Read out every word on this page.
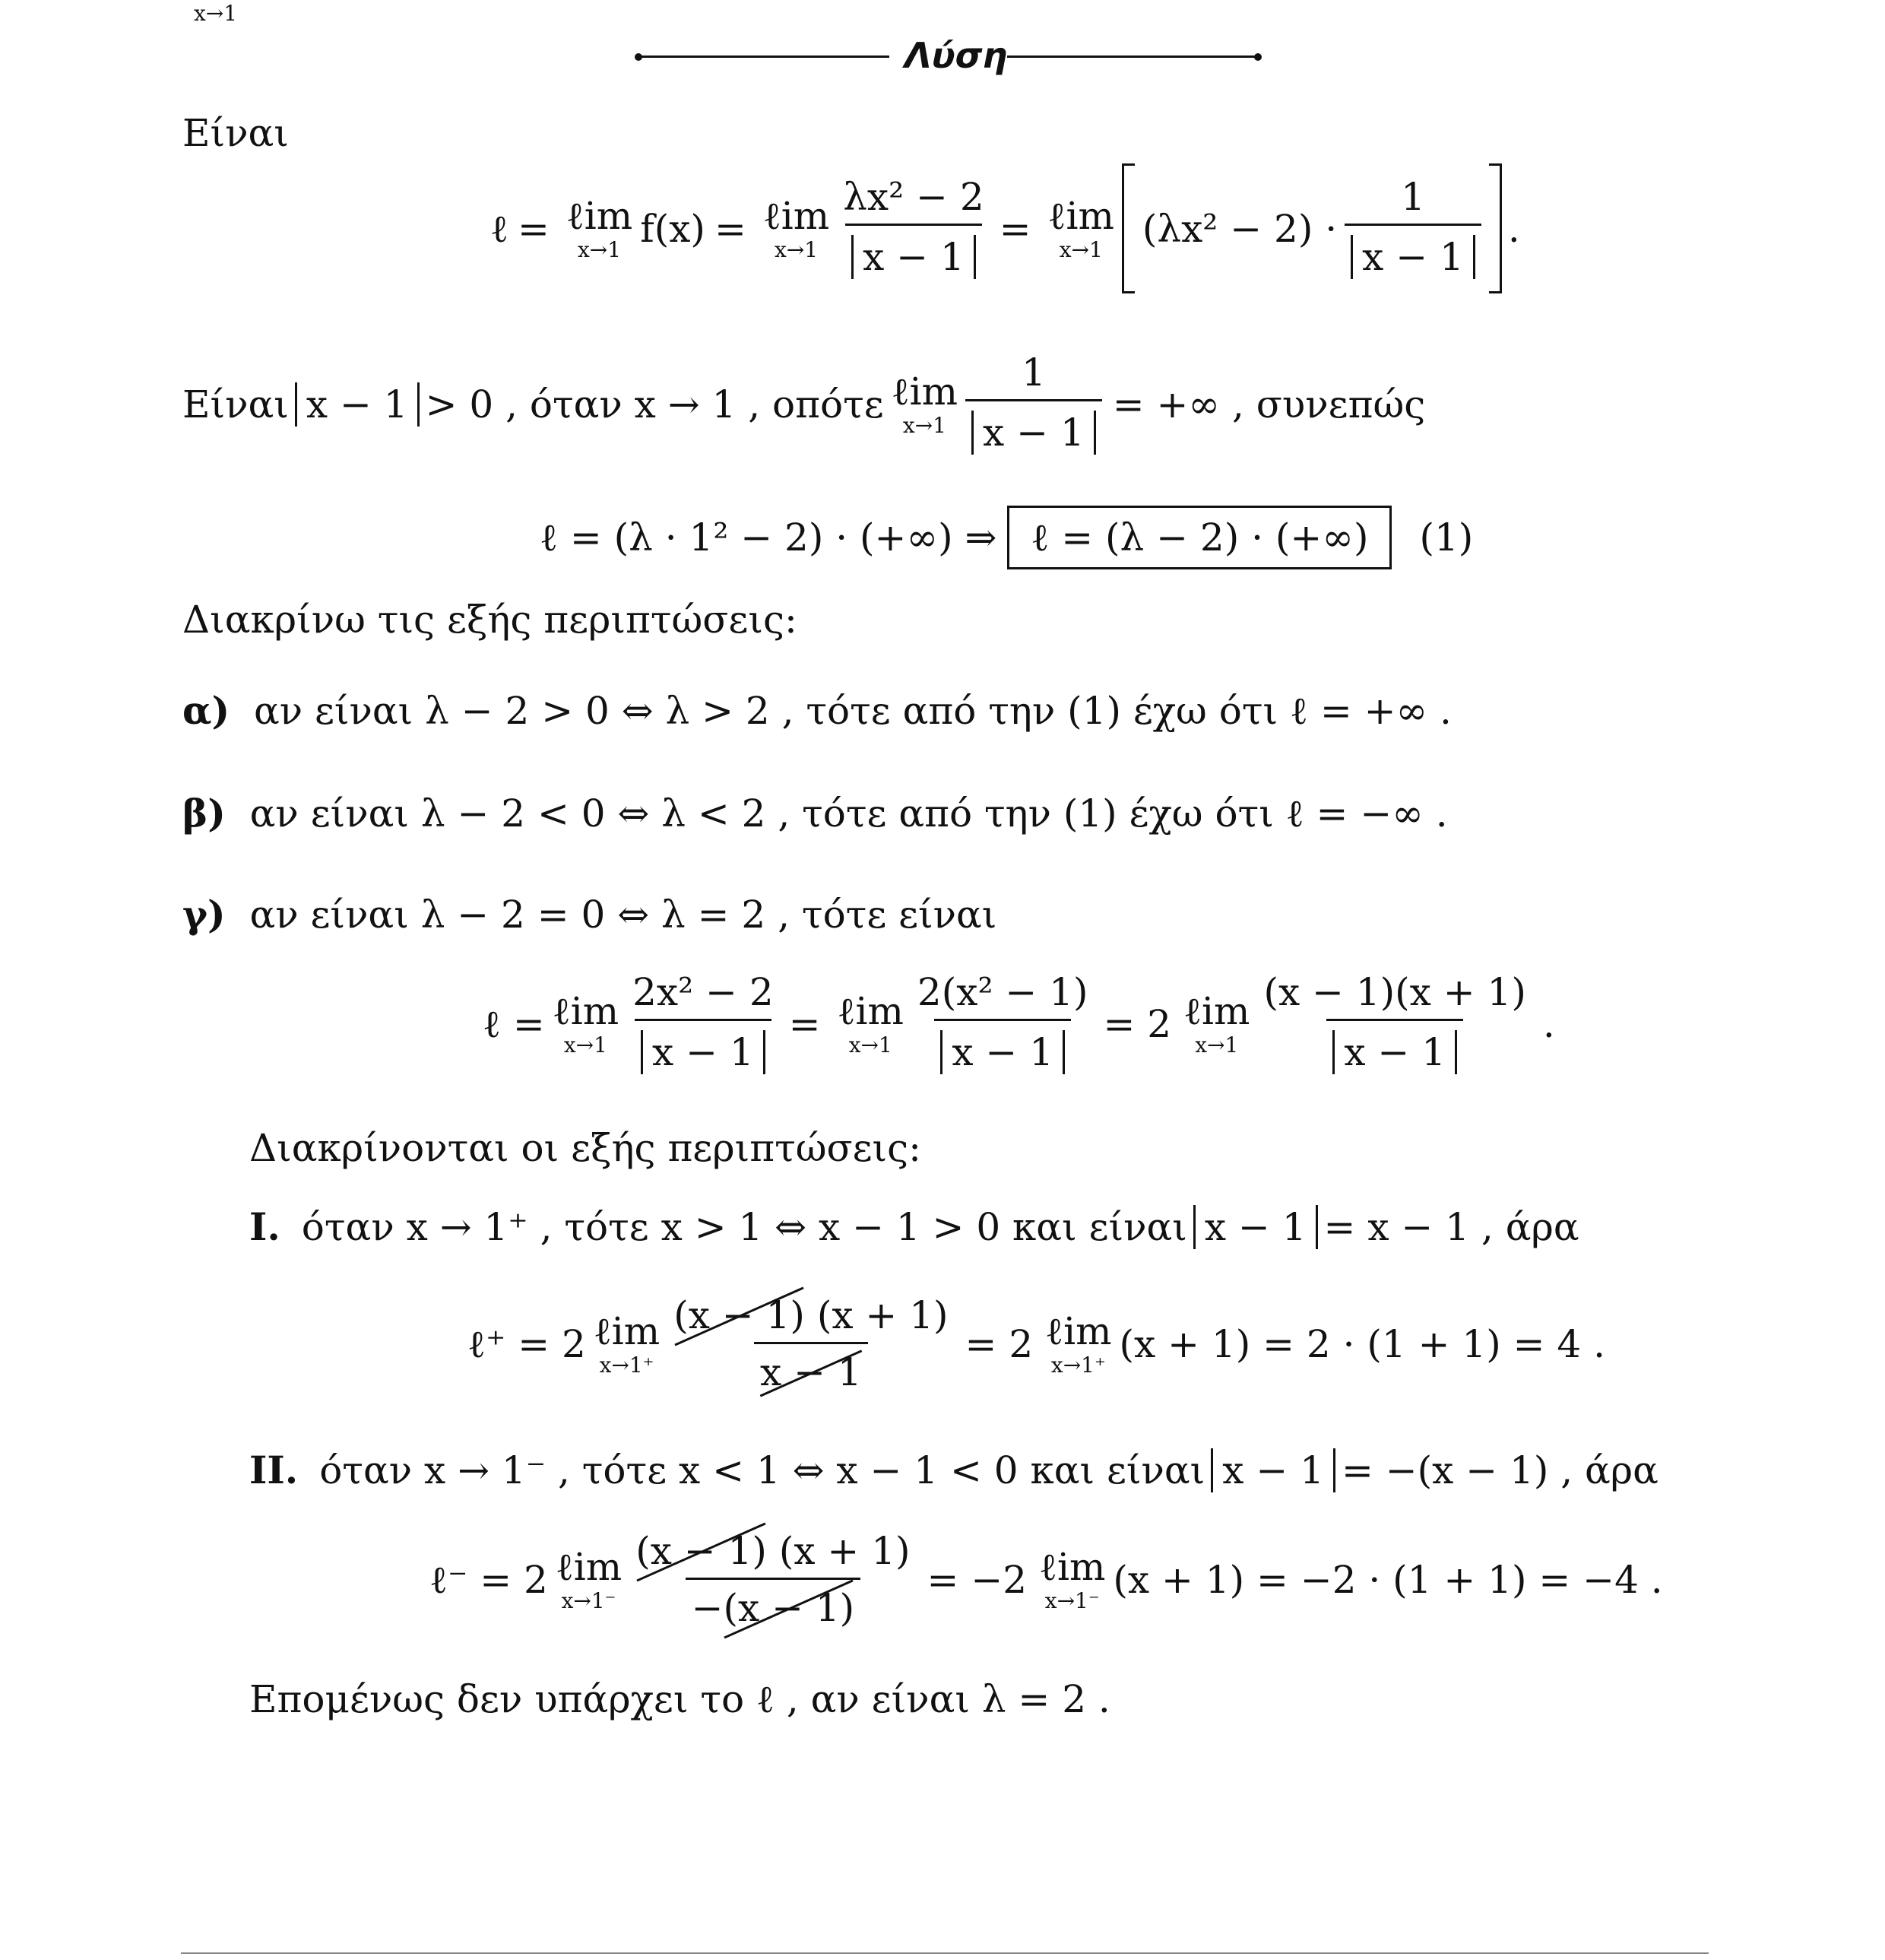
x→1
Λύση
Είναι
ℓ = ℓim
x→1 f(x) = ℓim
$x\to 1 \frac{\text{λx² − 2}}{x - 1}$ = ℓim
x→1 $(\lambda x^2 - 2) \cdot \frac{1}{x - 1}$ .
Είναι x − 1 > 0 , όταν x → 1 , οπότε ℓim
$x\to 1 \frac{1}{x - 1}$ = +∞ , συνεπώς
ℓ = (λ · 1² − 2) · (+∞) ⇒ ℓ = (λ − 2) · (+∞)	(1)
Διακρίνω τις εξής περιπτώσεις:
α) αν είναι λ − 2 > 0 ⇔ λ > 2 , τότε από την (1) έχω ότι ℓ = +∞ .
β) αν είναι λ − 2 < 0 ⇔ λ < 2 , τότε από την (1) έχω ότι ℓ = −∞ .
γ) αν είναι λ − 2 = 0 ⇔ λ = 2 , τότε είναι
ℓ = ℓim
$x\to 1 \frac{\text{2x² − 2}}{x - 1}$ = ℓim
$x\to 1 \frac{\text{2(x² − 1)}}{x - 1} = 2$ ℓim
$x\to 1 \frac{(x - 1)(x + 1)}{x - 1}$ .
Διακρίνονται οι εξής περιπτώσεις:
I. όταν x → 1⁺ , τότε x > 1 ⇔ x − 1 > 0 και είναι x − 1 = x − 1 , άρα
ℓ⁺ = 2 ℓim
$x\to 1^+ \frac{(x - 1) (x + 1)}{x - 1} = 2$ ℓim
x→1⁺ (x + 1) = 2 · (1 + 1) = 4 .
II. όταν x → 1⁻ , τότε x < 1 ⇔ x − 1 < 0 και είναι x − 1 = −(x − 1) , άρα
ℓ⁻ = 2 ℓim
$x\to 1^- \frac{(x - 1) (x + 1)}{-(x - 1)} = -2$ ℓim
x→1⁻ (x + 1) = −2 · (1 + 1) = −4 .
Επομένως δεν υπάρχει το ℓ , αν είναι λ = 2 .
